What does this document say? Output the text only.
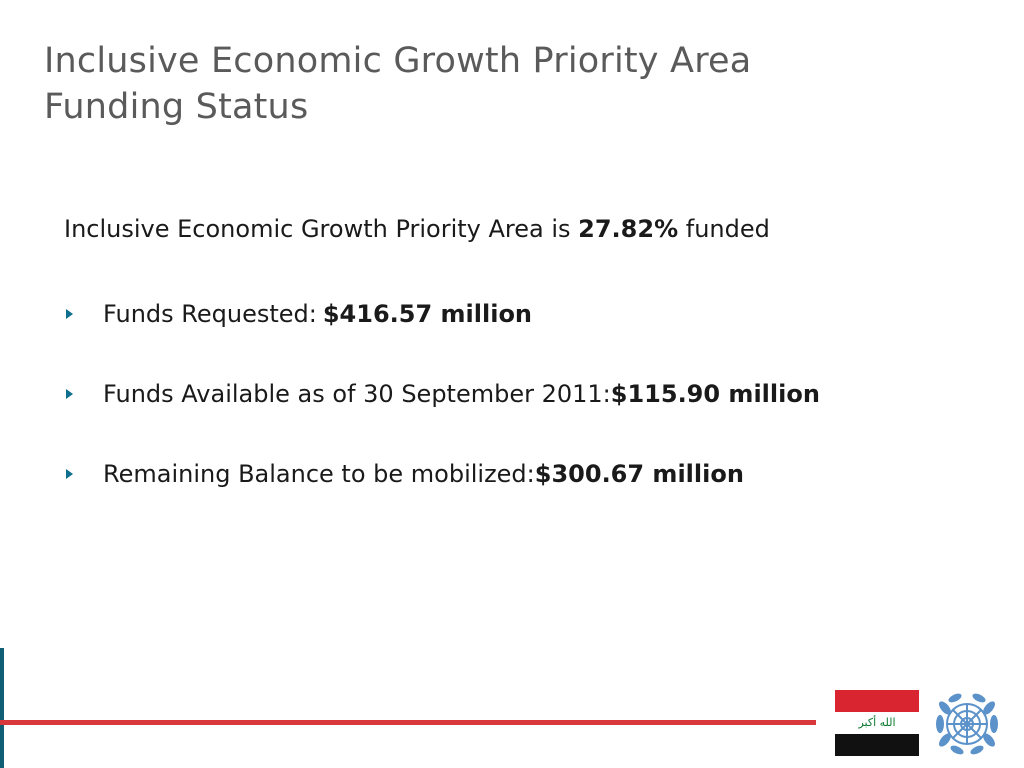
Inclusive Economic Growth Priority Area
Funding Status
Inclusive Economic Growth Priority Area is 27.82% funded
Funds Requested: $416.57 million
Funds Available as of 30 September 2011:$115.90 million
Remaining Balance to be mobilized:$300.67 million
الله أكبر
